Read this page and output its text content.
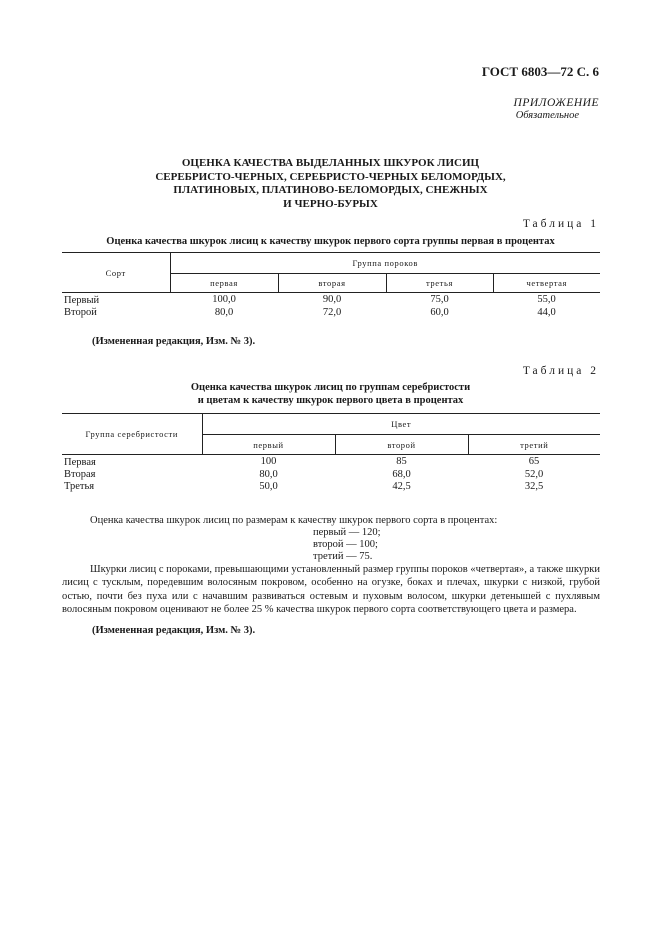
ГОСТ 6803—72 С. 6
ПРИЛОЖЕНИЕ
Обязательное
ОЦЕНКА КАЧЕСТВА ВЫДЕЛАННЫХ ШКУРОК ЛИСИЦ
СЕРЕБРИСТО-ЧЕРНЫХ, СЕРЕБРИСТО-ЧЕРНЫХ БЕЛОМОРДЫХ,
ПЛАТИНОВЫХ, ПЛАТИНОВО-БЕЛОМОРДЫХ, СНЕЖНЫХ
И ЧЕРНО-БУРЫХ
Таблица 1
Оценка качества шкурок лисиц к качеству шкурок первого сорта группы первая в процентах
Сорт	Группа пороков			
	первая	вторая	третья	четвертая
Первый	100,0	90,0	75,0	55,0
Второй	80,0	72,0	60,0	44,0
(Измененная редакция, Изм. № 3).
Таблица 2
Оценка качества шкурок лисиц по группам серебристости
и цветам к качеству шкурок первого цвета в процентах
Группа серебристости	Цвет		
	первый	второй	третий
Первая	100	85	65
Вторая	80,0	68,0	52,0
Третья	50,0	42,5	32,5
Оценка качества шкурок лисиц по размерам к качеству шкурок первого сорта в процентах:
первый — 120;
второй — 100;
третий — 75.
Шкурки лисиц с пороками, превышающими установленный размер группы пороков «четвертая», а также шкурки лисиц с тусклым, поредевшим волосяным покровом, особенно на огузке, боках и плечах, шкурки с низкой, грубой остью, почти без пуха или с начавшим развиваться остевым и пуховым волосом, шкурки детенышей с пухлявым волосяным покровом оценивают не более 25 % качества шкурок первого сорта соответствующего цвета и размера.
(Измененная редакция, Изм. № 3).
